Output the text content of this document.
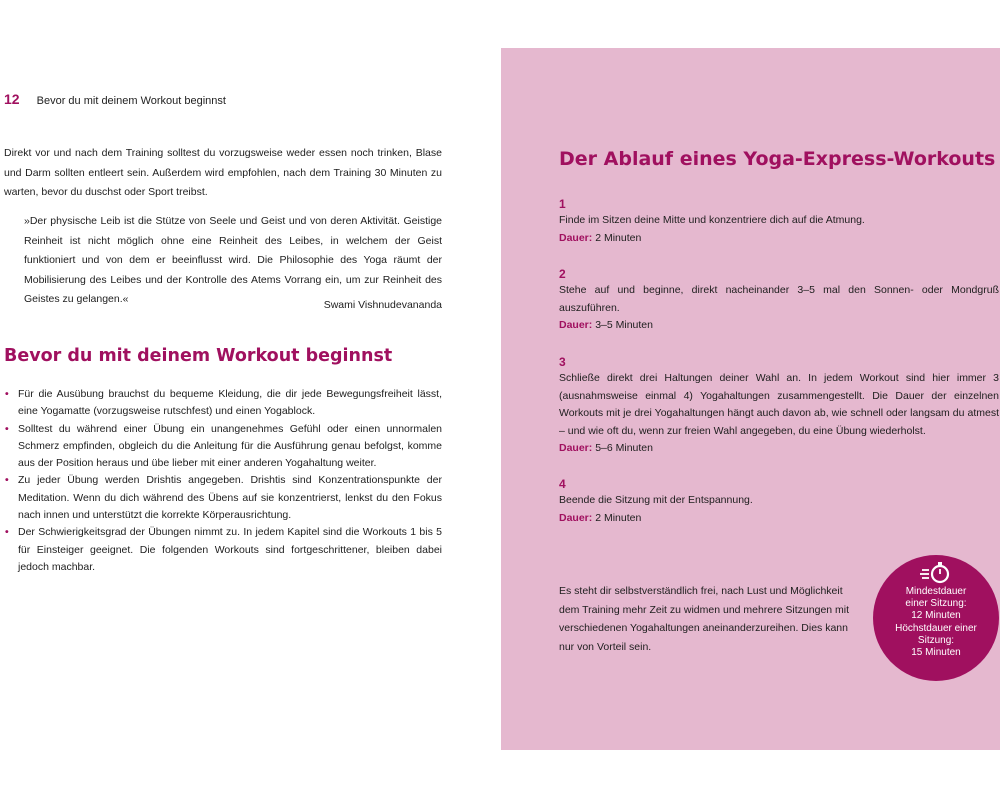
12 Bevor du mit deinem Workout beginnst

Direkt vor und nach dem Training solltest du vorzugsweise weder essen noch trinken, Blase und Darm sollten entleert sein. Außerdem wird empfohlen, nach dem Training 30 Minuten zu warten, bevor du duschst oder Sport treibst.

»Der physische Leib ist die Stütze von Seele und Geist und von deren Aktivität. Geistige Reinheit ist nicht möglich ohne eine Reinheit des Leibes, in welchem der Geist funktioniert und von dem er beeinflusst wird. Die Philosophie des Yoga räumt der Mobilisierung des Leibes und der Kontrolle des Atems Vorrang ein, um zur Reinheit des Geistes zu gelangen.«	Swami Vishnudevananda
Bevor du mit deinem Workout beginnst
• Für die Ausübung brauchst du bequeme Kleidung, die dir jede Bewegungsfreiheit lässt, eine Yogamatte (vorzugsweise rutschfest) und einen Yogablock.
• Solltest du während einer Übung ein unangenehmes Gefühl oder einen unnormalen Schmerz empfinden, obgleich du die Anleitung für die Ausführung genau befolgst, komme aus der Position heraus und übe lieber mit einer anderen Yogahaltung weiter.
• Zu jeder Übung werden Drishtis angegeben. Drishtis sind Konzentrationspunkte der Meditation. Wenn du dich während des Übens auf sie konzentrierst, lenkst du den Fokus nach innen und unterstützt die korrekte Körperausrichtung.
• Der Schwierigkeitsgrad der Übungen nimmt zu. In jedem Kapitel sind die Workouts 1 bis 5 für Einsteiger geeignet. Die folgenden Workouts sind fortgeschrittener, bleiben dabei jedoch machbar.
Der Ablauf eines Yoga-Express-Workouts
1

Finde im Sitzen deine Mitte und konzentriere dich auf die Atmung.

Dauer: 2 Minuten
2

Stehe auf und beginne, direkt nacheinander 3–5 mal den Sonnen- oder Mondgruß auszuführen.

Dauer: 3–5 Minuten
3

Schließe direkt drei Haltungen deiner Wahl an. In jedem Workout sind hier immer 3 (ausnahmsweise einmal 4) Yogahaltungen zusammengestellt. Die Dauer der einzelnen Workouts mit je drei Yogahaltungen hängt auch davon ab, wie schnell oder langsam du atmest – und wie oft du, wenn zur freien Wahl angegeben, du eine Übung wiederholst.

Dauer: 5–6 Minuten
4

Beende die Sitzung mit der Entspannung.

Dauer: 2 Minuten

Es steht dir selbstverständlich frei, nach Lust und Möglichkeit dem Training mehr Zeit zu widmen und mehrere Sitzungen mit verschiedenen Yogahaltungen aneinanderzureihen. Dies kann nur von Vorteil sein.

Mindestdauer
einer Sitzung:
12 Minuten
Höchstdauer einer
Sitzung:
15 Minuten
